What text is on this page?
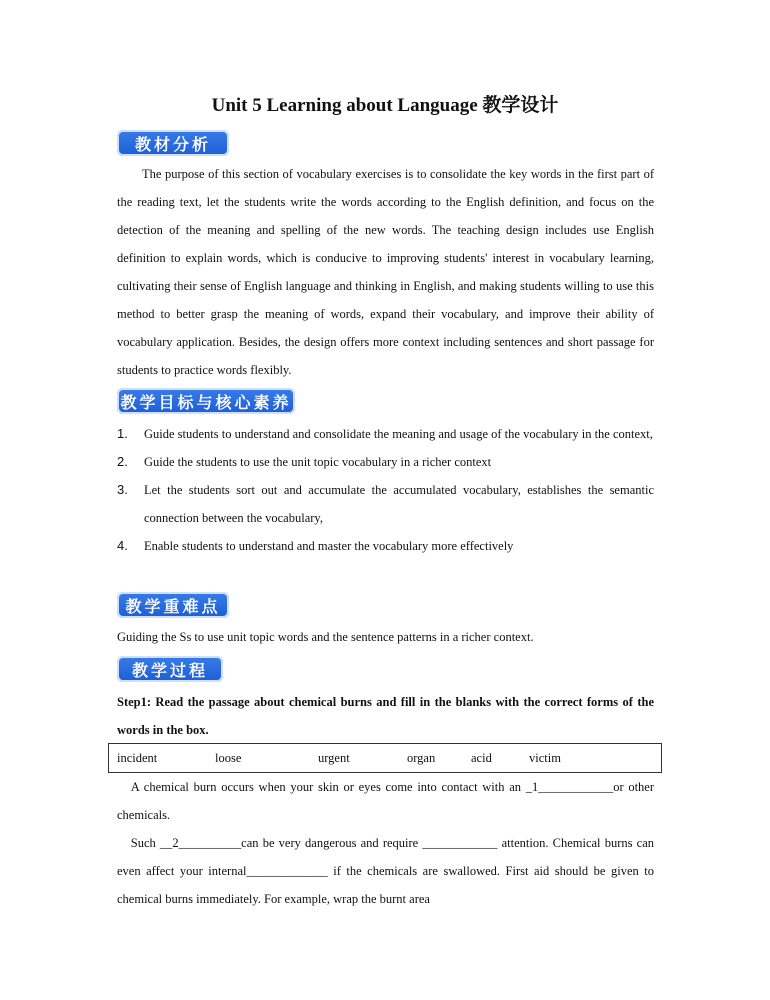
Unit 5 Learning about Language 教学设计
教材分析
The purpose of this section of vocabulary exercises is to consolidate the key words in the first part of the reading text, let the students write the words according to the English definition, and focus on the detection of the meaning and spelling of the new words. The teaching design includes use English definition to explain words, which is conducive to improving students' interest in vocabulary learning, cultivating their sense of English language and thinking in English, and making students willing to use this method to better grasp the meaning of words, expand their vocabulary, and improve their ability of vocabulary application. Besides, the design offers more context including sentences and short passage for students to practice words flexibly.
教学目标与核心素养
1. Guide students to understand and consolidate the meaning and usage of the vocabulary in the context,
2. Guide the students to use the unit topic vocabulary in a richer context
3. Let the students sort out and accumulate the accumulated vocabulary, establishes the semantic connection between the vocabulary,
4. Enable students to understand and master the vocabulary more effectively
教学重难点
Guiding the Ss to use unit topic words and the sentence patterns in a richer context.
教学过程
Step1: Read the passage about chemical burns and fill in the blanks with the correct forms of the words in the box.
incident	loose	urgent	organ	acid	victim
A chemical burn occurs when your skin or eyes come into contact with an _1____________or other chemicals.
Such __2__________can be very dangerous and require ____________ attention. Chemical burns can even affect your internal_____________ if the chemicals are swallowed. First aid should be given to chemical burns immediately. For example, wrap the burnt area
